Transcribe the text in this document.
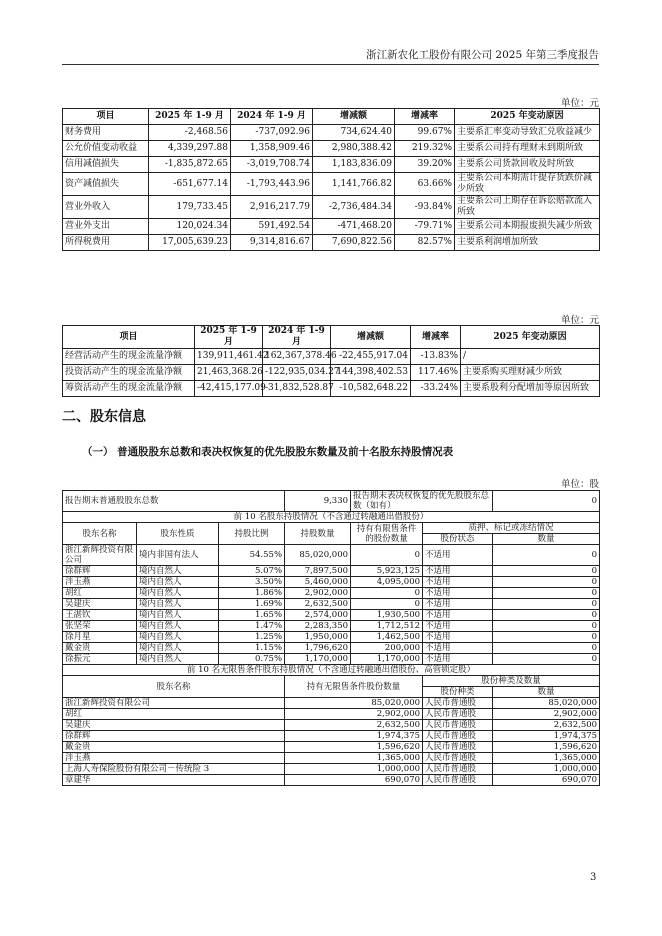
浙江新农化工股份有限公司 2025 年第三季度报告
单位：元
项目	2025 年 1-9 月	2024 年 1-9 月	增减额	增减率	2025 年变动原因
财务费用	-2,468.56	-737,092.96	734,624.40	99.67%	主要系汇率变动导致汇兑收益减少
公允价值变动收益	4,339,297.88	1,358,909.46	2,980,388.42	219.32%	主要系公司持有理财未到期所致
信用减值损失	-1,835,872.65	-3,019,708.74	1,183,836.09	39.20%	主要系公司货款回收及时所致
资产减值损失	-651,677.14	-1,793,443.96	1,141,766.82	63.66%	主要系公司本期需计提存货跌价减少所致
营业外收入	179,733.45	2,916,217.79	-2,736,484.34	-93.84%	主要系公司上期存在诉讼赔款流入所致
营业外支出	120,024.34	591,492.54	-471,468.20	-79.71%	主要系公司本期报废损失减少所致
所得税费用	17,005,639.23	9,314,816.67	7,690,822.56	82.57%	主要系利润增加所致
单位：元
项目	2025 年 1-9 月	2024 年 1-9 月	增减额	增减率	2025 年变动原因
经营活动产生的现金流量净额	139,911,461.42	162,367,378.46	-22,455,917.04	-13.83%	/
投资活动产生的现金流量净额	21,463,368.26	-122,935,034.27	144,398,402.53	117.46%	主要系购买理财减少所致
筹资活动产生的现金流量净额	-42,415,177.09	-31,832,528.87	-10,582,648.22	-33.24%	主要系股利分配增加等原因所致
二、股东信息
（一） 普通股股东总数和表决权恢复的优先股股东数量及前十名股东持股情况表
单位：股
报告期末普通股股东总数			9,330	报告期末表决权恢复的优先股股东总数（如有）		0
前 10 名股东持股情况（不含通过转融通出借股份）						
股东名称	股东性质	持股比例	持股数量	持有有限售条件的股份数量	质押、标记或冻结情况	
					股份状态	数量
浙江新辉投资有限公司	境内非国有法人	54.55%	85,020,000	0	不适用	0
徐群辉	境内自然人	5.07%	7,897,500	5,923,125	不适用	0
泮玉燕	境内自然人	3.50%	5,460,000	4,095,000	不适用	0
胡红	境内自然人	1.86%	2,902,000	0	不适用	0
吴建庆	境内自然人	1.69%	2,632,500	0	不适用	0
王湛钦	境内自然人	1.65%	2,574,000	1,930,500	不适用	0
张坚荣	境内自然人	1.47%	2,283,350	1,712,512	不适用	0
徐月星	境内自然人	1.25%	1,950,000	1,462,500	不适用	0
戴金贵	境内自然人	1.15%	1,796,620	200,000	不适用	0
徐振元	境内自然人	0.75%	1,170,000	1,170,000	不适用	0
前 10 名无限售条件股东持股情况（不含通过转融通出借股份、高管锁定股）						
股东名称			持有无限售条件股份数量		股份种类及数量	
					股份种类	数量
浙江新辉投资有限公司			85,020,000		人民币普通股	85,020,000
胡红			2,902,000		人民币普通股	2,902,000
吴建庆			2,632,500		人民币普通股	2,632,500
徐群辉			1,974,375		人民币普通股	1,974,375
戴金贵			1,596,620		人民币普通股	1,596,620
泮玉燕			1,365,000		人民币普通股	1,365,000
上海人寿保险股份有限公司－传统险 3			1,000,000		人民币普通股	1,000,000
章建华			690,070		人民币普通股	690,070
3
